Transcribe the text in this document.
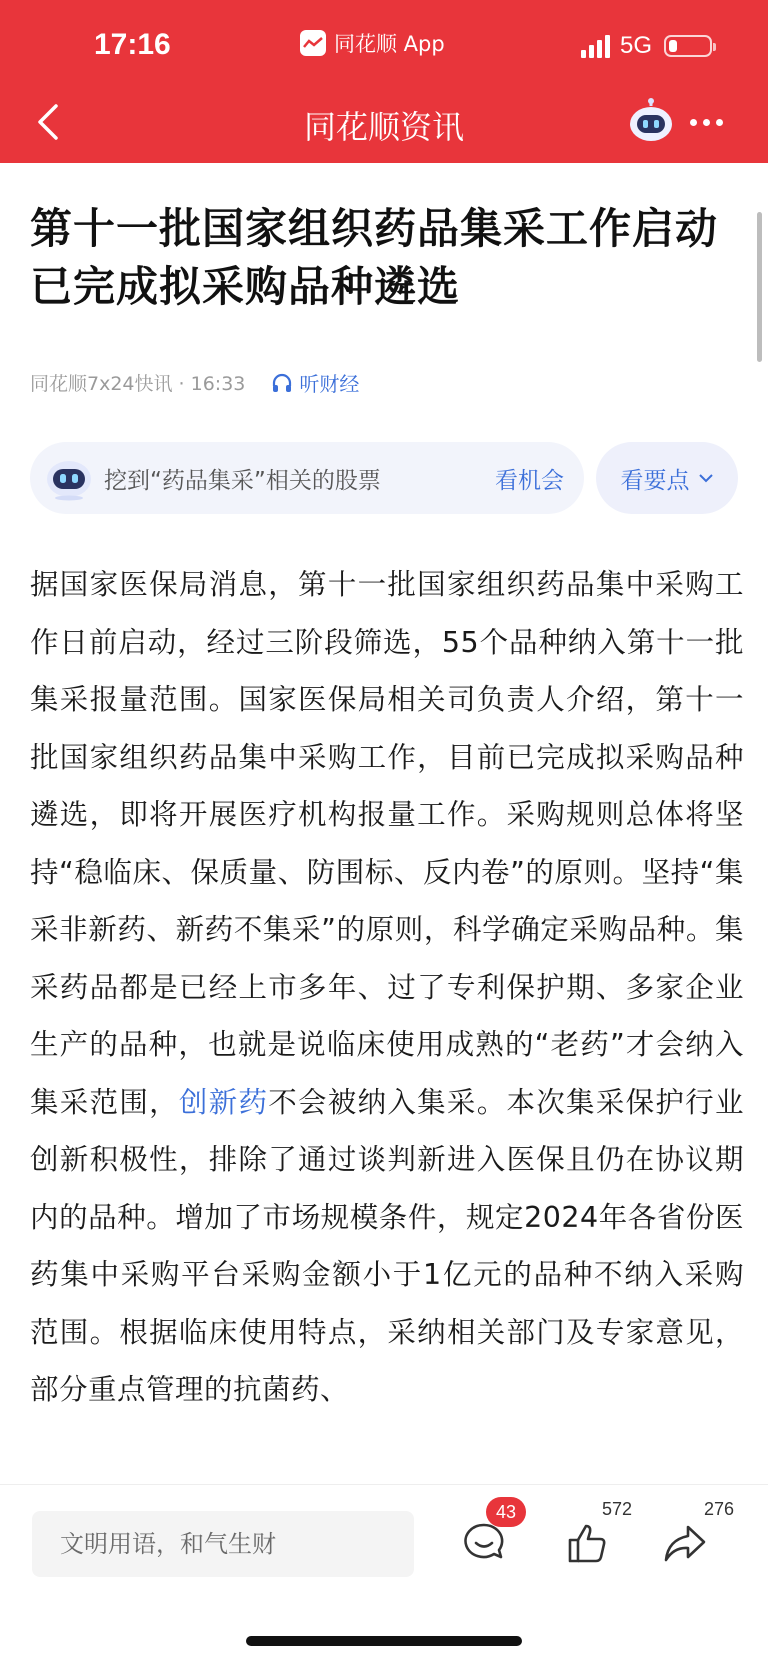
17:16	同花顺 App	5G
同花顺资讯
第十一批国家组织药品集采工作启动已完成拟采购品种遴选
同花顺7x24快讯 · 16:33	听财经
挖到“药品集采”相关的股票	看机会 看要点
据国家医保局消息，第十一批国家组织药品集中采购工作日前启动，经过三阶段筛选，55个品种纳入第十一批集采报量范围。国家医保局相关司负责人介绍，第十一批国家组织药品集中采购工作，目前已完成拟采购品种遴选，即将开展医疗机构报量工作。采购规则总体将坚持“稳临床、保质量、防围标、反内卷”的原则。坚持“集采非新药、新药不集采”的原则，科学确定采购品种。集采药品都是已经上市多年、过了专利保护期、多家企业生产的品种，也就是说临床使用成熟的“老药”才会纳入集采范围，创新药不会被纳入集采。本次集采保护行业创新积极性，排除了通过谈判新进入医保且仍在协议期内的品种。增加了市场规模条件，规定2024年各省份医药集中采购平台采购金额小于1亿元的品种不纳入采购范围。根据临床使用特点，采纳相关部门及专家意见，部分重点管理的抗菌药、
文明用语，和气生财
43	572	276
